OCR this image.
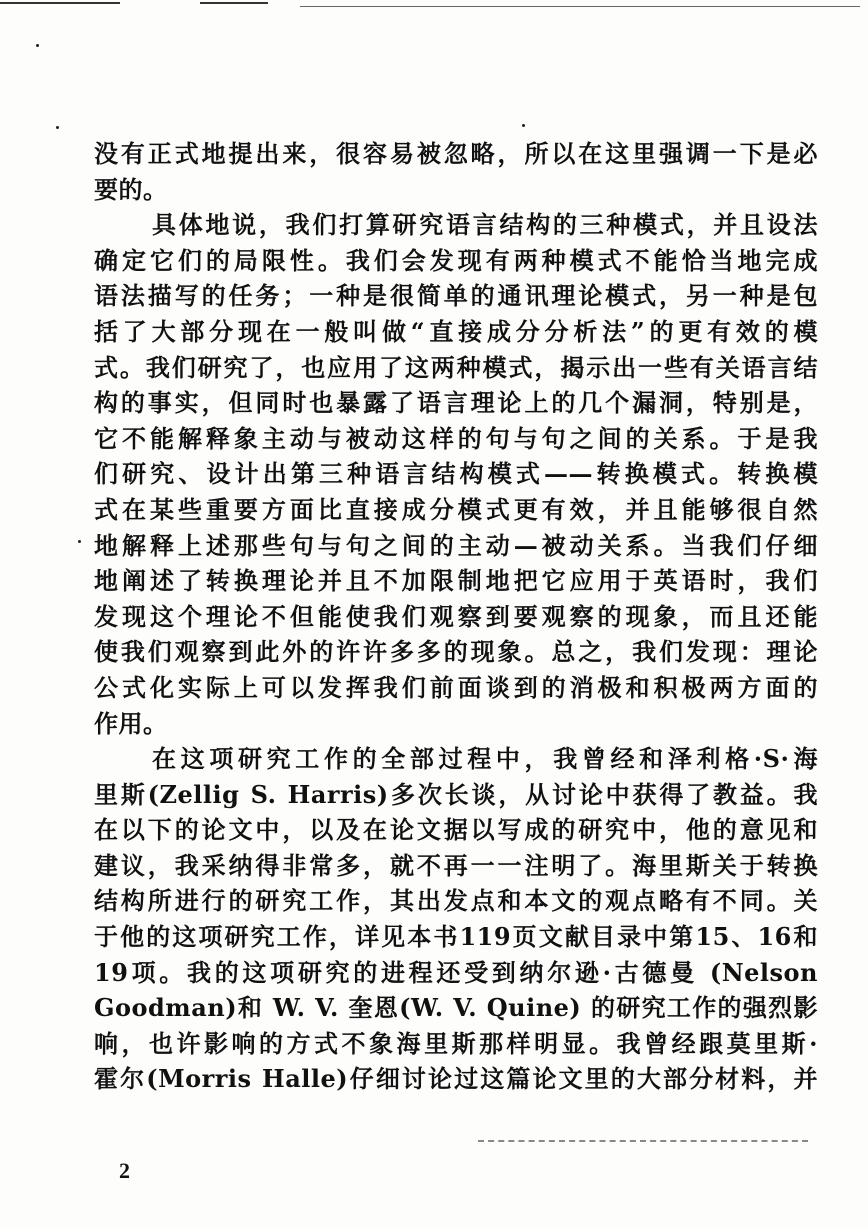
没有正式地提出来，很容易被忽略，所以在这里强调一下是必
要的。
具体地说，我们打算研究语言结构的三种模式，并且设法
确定它们的局限性。我们会发现有两种模式不能恰当地完成
语法描写的任务；一种是很简单的通讯理论模式，另一种是包
括了大部分现在一般叫做“直接成分分析法”的更有效的模
式。我们研究了，也应用了这两种模式，揭示出一些有关语言结
构的事实，但同时也暴露了语言理论上的几个漏洞，特别是，
它不能解释象主动与被动这样的句与句之间的关系。于是我
们研究、设计出第三种语言结构模式——转换模式。转换模
式在某些重要方面比直接成分模式更有效，并且能够很自然
地解释上述那些句与句之间的主动—被动关系。当我们仔细
地阐述了转换理论并且不加限制地把它应用于英语时，我们
发现这个理论不但能使我们观察到要观察的现象，而且还能
使我们观察到此外的许许多多的现象。总之，我们发现：理论
公式化实际上可以发挥我们前面谈到的消极和积极两方面的
作用。
在这项研究工作的全部过程中，我曾经和泽利格·S·海
里斯(Zellig S. Harris)多次长谈，从讨论中获得了教益。我
在以下的论文中，以及在论文据以写成的研究中，他的意见和
建议，我采纳得非常多，就不再一一注明了。海里斯关于转换
结构所进行的研究工作，其出发点和本文的观点略有不同。关
于他的这项研究工作，详见本书119页文献目录中第15、16和
19项。我的这项研究的进程还受到纳尔逊·古德曼 (Nelson
Goodman)和 W. V. 奎恩(W. V. Quine) 的研究工作的强烈影
响，也许影响的方式不象海里斯那样明显。我曾经跟莫里斯·
霍尔(Morris Halle)仔细讨论过这篇论文里的大部分材料，并
2
